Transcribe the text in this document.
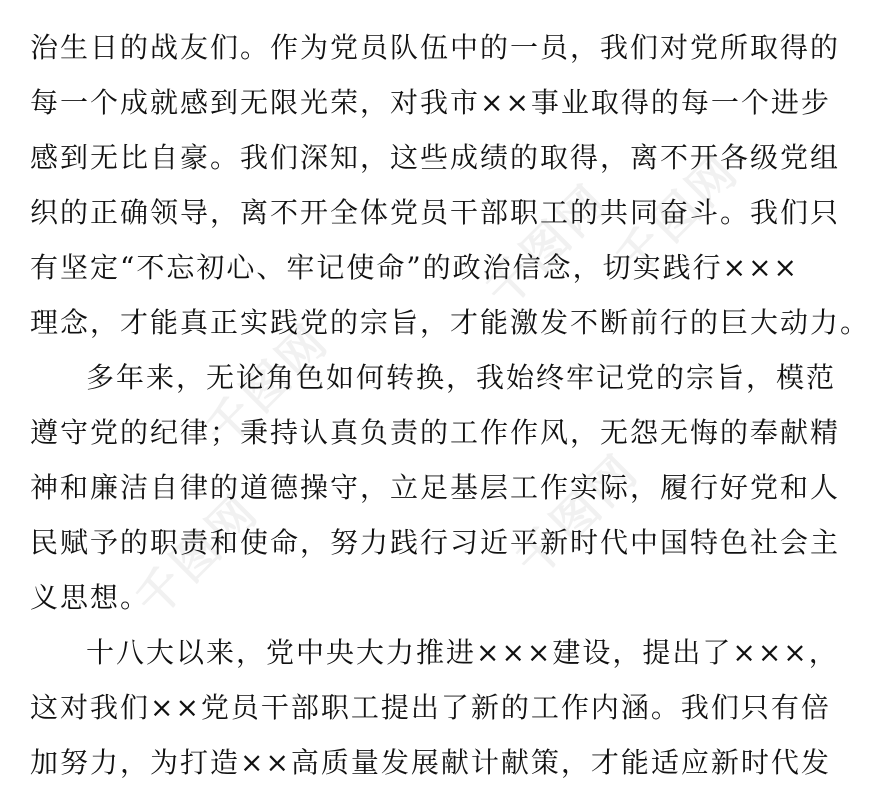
千图网
千图网
千图网
千图网
千图网
治生日的战友们。作为党员队伍中的一员，我们对党所取得的
每一个成就感到无限光荣，对我市××事业取得的每一个进步
感到无比自豪。我们深知，这些成绩的取得，离不开各级党组
织的正确领导，离不开全体党员干部职工的共同奋斗。我们只
有坚定“不忘初心、牢记使命”的政治信念，切实践行×××
理念，才能真正实践党的宗旨，才能激发不断前行的巨大动力。
多年来，无论角色如何转换，我始终牢记党的宗旨，模范
遵守党的纪律；秉持认真负责的工作作风，无怨无悔的奉献精
神和廉洁自律的道德操守，立足基层工作实际，履行好党和人
民赋予的职责和使命，努力践行习近平新时代中国特色社会主
义思想。
十八大以来，党中央大力推进×××建设，提出了×××，
这对我们××党员干部职工提出了新的工作内涵。我们只有倍
加努力，为打造××高质量发展献计献策，才能适应新时代发
